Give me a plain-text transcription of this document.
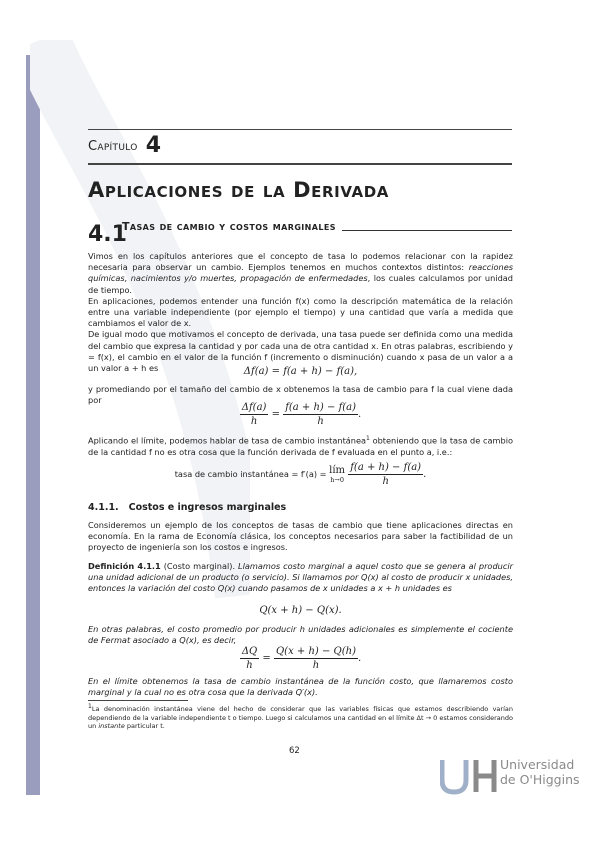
Capítulo 4
Aplicaciones de la Derivada
4.1
Tasas de cambio y costos marginales

Vimos en los capítulos anteriores que el concepto de tasa lo podemos relacionar con la rapidez necesaria para observar un cambio. Ejemplos tenemos en muchos contextos distintos: reacciones químicas, nacimientos y/o muertes, propagación de enfermedades, los cuales calculamos por unidad de tiempo.

En aplicaciones, podemos entender una función f(x) como la descripción matemática de la relación entre una variable independiente (por ejemplo el tiempo) y una cantidad que varía a medida que cambiamos el valor de x.

De igual modo que motivamos el concepto de derivada, una tasa puede ser definida como una medida del cambio que expresa la cantidad y por cada una de otra cantidad x. En otras palabras, escribiendo y = f(x), el cambio en el valor de la función f (incremento o disminución) cuando x pasa de un valor a a un valor a + h es	Δf(a) = f(a + h) − f(a),
y promediando por el tamaño del cambio de x obtenemos la tasa de cambio para f la cual viene dada por
$\frac{\Delta f(a)}{h} = \frac{f(a + h) - f(a)}{h}$ .
Aplicando el límite, podemos hablar de tasa de cambio instantánea$^1$ obteniendo que la tasa de cambio de la cantidad f no es otra cosa que la función derivada de f evaluada en el punto a, i.e.:
tasa de cambio instantánea = f′(a) = lím
h→0
$\frac{f(a + h) - f(a)}{h}$ .
4.1.1. Costos e ingresos marginales
Consideremos un ejemplo de los conceptos de tasas de cambio que tiene aplicaciones directas en economía. En la rama de Economía clásica, los conceptos necesarios para saber la factibilidad de un proyecto de ingeniería son los costos e ingresos.
Definición 4.1.1 (Costo marginal). Llamamos costo marginal a aquel costo que se genera al producir una unidad adicional de un producto (o servicio). Si llamamos por Q(x) al costo de producir x unidades, entonces la variación del costo Q(x) cuando pasamos de x unidades a x + h unidades es
Q(x + h) − Q(x).
En otras palabras, el costo promedio por producir h unidades adicionales es simplemente el cociente de Fermat asociado a Q(x), es decir,
$\frac{\Delta Q}{h} = \frac{Q(x + h) - Q(h)}{h}$ .
En el límite obtenemos la tasa de cambio instantánea de la función costo, que llamaremos costo marginal y la cual no es otra cosa que la derivada Q′(x).
$^1$La denominación instantánea viene del hecho de considerar que las variables físicas que estamos describiendo varían dependiendo de la variable independiente t o tiempo. Luego si calculamos una cantidad en el límite Δt → 0 estamos considerando un instante particular t.
62
Universidad
de O'Higgins
